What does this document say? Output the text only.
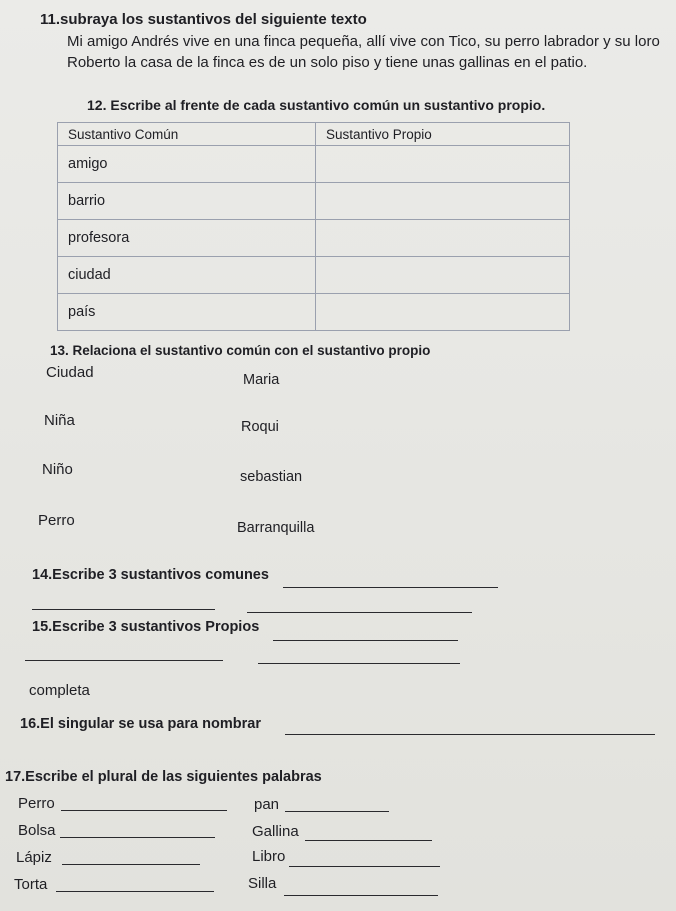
11.subraya los sustantivos del siguiente texto
Mi amigo Andrés vive en una finca pequeña, allí vive con Tico, su perro labrador y su loro
Roberto la casa de la finca es de un solo piso y tiene unas gallinas en el patio.
12. Escribe al frente de cada sustantivo común un sustantivo propio.
Sustantivo Común	Sustantivo Propio
amigo	
barrio	
profesora	
ciudad	
país	
13. Relaciona el sustantivo común con el sustantivo propio
Ciudad
Niña
Niño
Perro
Maria
Roqui
sebastian
Barranquilla
14.Escribe 3 sustantivos comunes
15.Escribe 3 sustantivos Propios
completa
16.El singular se usa para nombrar
17.Escribe el plural de las siguientes palabras
Perro	pan
Bolsa	Gallina
Lápiz	Libro
Torta	Silla
